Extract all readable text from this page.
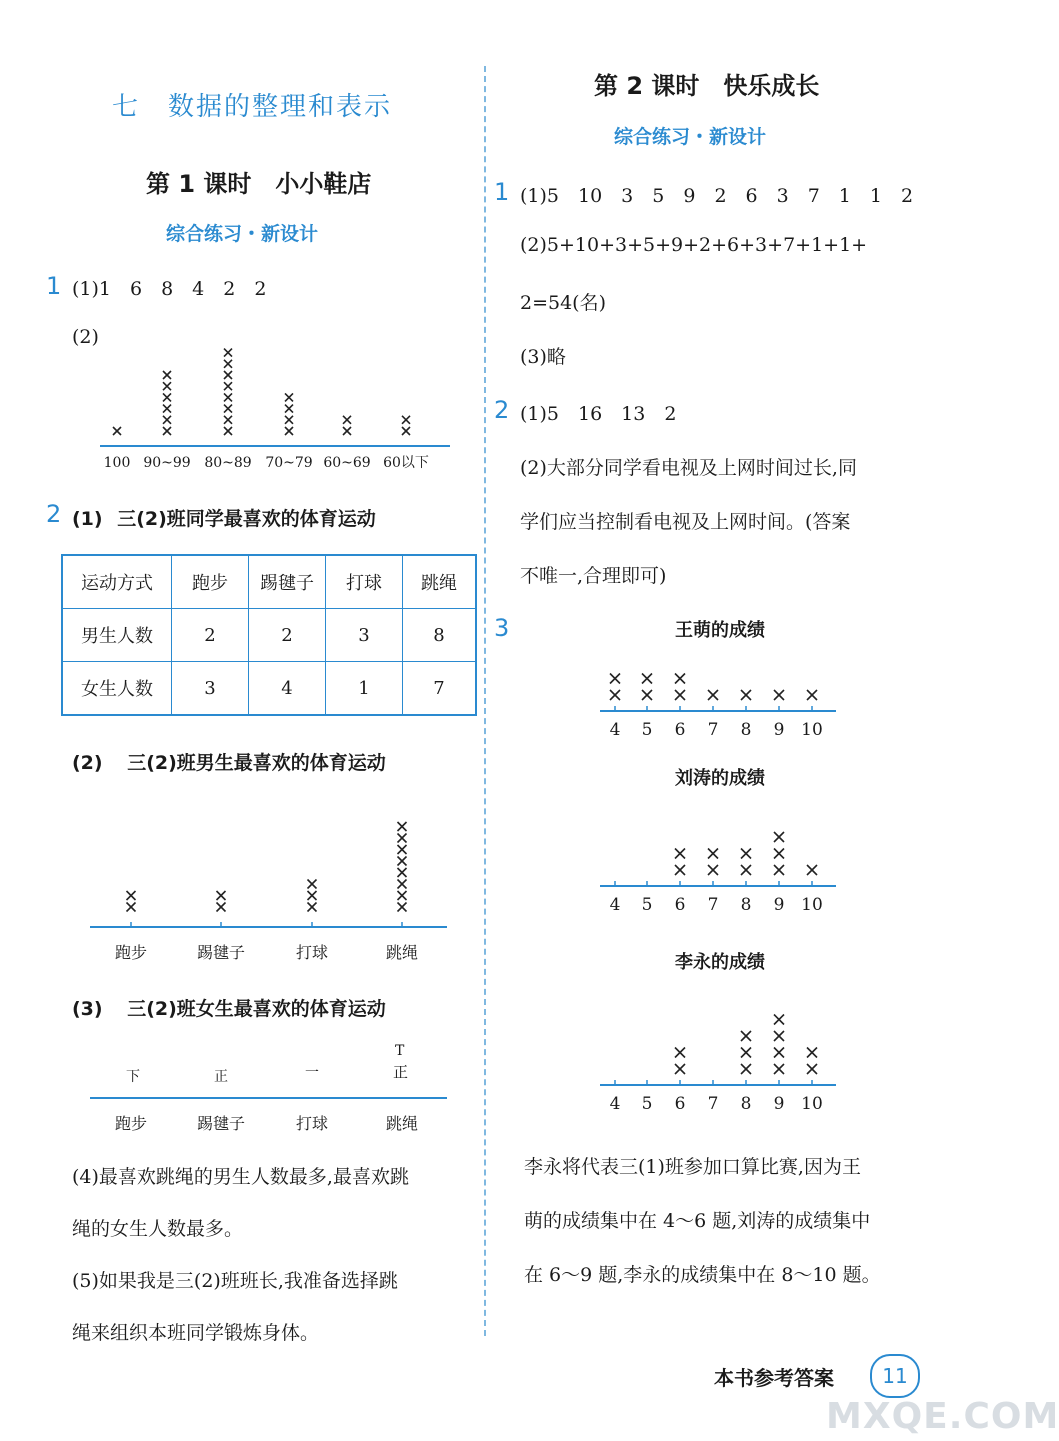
七　数据的整理和表示
第 1 课时　小小鞋店
综合练习・新设计
1 (1)1　6　8　4　2　2
(2)
100 90~99 80~89 70~79 60~69 60以下
跑步	踢毽子	打球	跳绳
跑步	踢毽子	打球	跳绳
王萌的成绩
4 5 6 7 8 9 10
刘涛的成绩
4 5 6 7 8 9 10
李永的成绩
4 5 6 7 8 9 10
2 (1) 三(2)班同学最喜欢的体育运动
运动方式	跑步	踢毽子	打球	跳绳
男生人数	2	2	3	8
女生人数	3	4	1	7
(2) 三(2)班男生最喜欢的体育运动
(3) 三(2)班女生最喜欢的体育运动
下	正	一
T
正
(4)最喜欢跳绳的男生人数最多,最喜欢跳
绳的女生人数最多。
(5)如果我是三(2)班班长,我准备选择跳
绳来组织本班同学锻炼身体。
第 2 课时　快乐成长
综合练习・新设计
1 (1)5　10　3　5　9　2　6　3　7　1　1　2
(2)5+10+3+5+9+2+6+3+7+1+1+
2=54(名)
(3)略
2 (1)5　16　13　2
(2)大部分同学看电视及上网时间过长,同
学们应当控制看电视及上网时间。(答案
不唯一,合理即可)
3
李永将代表三(1)班参加口算比赛,因为王
萌的成绩集中在 4～6 题,刘涛的成绩集中
在 6～9 题,李永的成绩集中在 8～10 题。
本书参考答案	11
MXQE.COM
